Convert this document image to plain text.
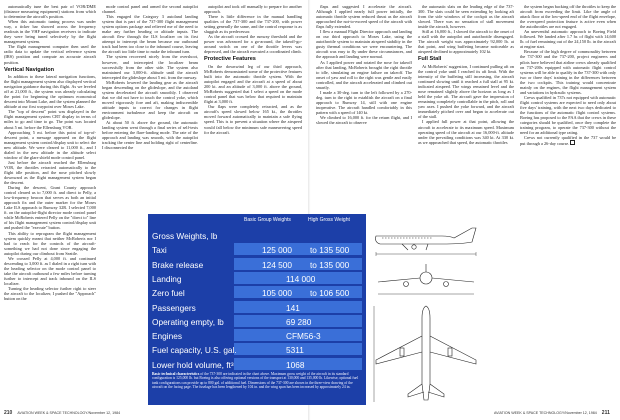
automatically tune the best pair of VOR/DME (distance measuring equipment) stations from which to determine the aircraft's position.

When this automatic tuning process was under way, a ticker bar showed across the frequency readouts in the VHF navigation receivers to indicate they were being tuned selectively by the flight management system.

The flight management computer then used the radio data to update the vertical reference system (IRS) position and compute an accurate aircraft position.

Vertical Navigation

In addition to these lateral navigation functions, the flight management system also displayed vertical navigation guidance during this flight. As we leveled off at 21,000 ft., the system was already calculating the point for beginning the optimum economical descent into Mount Lake, and the system planned the altitude at our first waypoint over Moses Lake.

The "top of descent" point was displayed in the flight management system CRT display in terms of miles to go and time to go. The point was located about 5 mi. before the Ellensburg VOR.

Approaching 5 mi. before this point of top-of-descent point, a message appeared on the flight management system control/display unit to select the new altitude. We were cleared to 11,000 ft., and I dialed in the new altitude in the altitude select window of the glare shield mode control panel.

Just before the aircraft reached the Ellensburg VOR, the throttles retracted automatically to the flight idle position, and the nose pitched slowly downward as the flight management system began the descent.

During the descent, Grant County approach control cleared us to 7,000 ft. and direct to Pelly, a low-frequency beacon that serves as both an initial approach fix and the outer marker for the Moses Lake ILS approach to Runway 32R. I selected 7,000 ft. on the autopilot-flight director mode control panel while McRoberts entered Pelly on the "direct to" line of his flight management system control/display unit and pushed the "execute" button.

This ability to reprogram the flight management system quickly meant that neither McRoberts nor I had to reach for the controls of the aircraft-something we had not done since engaging the autopilot during our climbout from Seattle.

We crossed Pelly at 4,000 ft. and continued descending to 3,000 ft. as I dialed in a right turn with the heading selector on the mode control panel to take the aircraft outbound a few miles before turning further to intercept and track inbound on the ILS localizer.

Turning the heading selector further right to steer the aircraft to the localizer, I pushed the "Approach" button on the

mode control panel and armed the second autopilot channel.

This engaged the Category 3 autoland landing system that is part of the 737-300 flight management system options package and relieved me of the need to make any further heading or altitude inputs. The aircraft flew through the ILS localizer on its first attempt to intercept the beam because our outbound track had been too close to the inbound course, leaving the aircraft too little time to make the inbound turn.

The system recovered nicely from the overshoot, however, and intercepted the localizer beam successfully from the other side. The system also maintained our 3,000-ft. altitude until the aircraft intercepted the glideslope about 5 mi. from the runway.

McRoberts lowered the landing gear as the aircraft began descending on the glideslope, and the autoland system decelerated the aircraft smoothly. I observed that we did not have to touch the control yoke, which moved vigorously fore and aft, making indiscernible attitude inputs to correct for changes in flight environment turbulence and keep the aircraft on glideslope.

At about 50 ft. above the ground, the automatic landing system went through a final series of self-tests before entering the flare-landing mode. The rate of the approach and landing was smooth, with the autopilot tracking the center line and holding right of centerline. I disconnected the

autopilot and took off manually to prepare for another approach.

There is little difference in the manual handling qualities of the 737-300 and the 737-200, with power setting generally the same, and the control response is as sluggish as its predecessor.

As the aircraft crossed the runway threshold and the power was advanced for a go-around, the takeoff-go-around switch on one of the throttle levers was depressed, and the aircraft executed a coordinated climb.

Protective Features

On the downwind leg of our third approach, McRoberts demonstrated some of the protective features built into the automatic throttle system. With the autopilot engaged and the aircraft at a speed of about 200 kt. and an altitude of 3,000 ft. above the ground, McRoberts suggested that I select a speed on the mode control panel that was below that required to maintain flight at 3,000 ft.

Our flaps were completely retracted, and as the aircraft's speed slowed below 165 kt., the throttles moved forward automatically to maintain a safe flying speed. This is to prevent a situation where the airspeed would fall below the minimum safe maneuvering speed for the aircraft.

flaps and suggested I accelerate the aircraft. Although I applied nearly full power initially, the automatic throttle system reduced thrust as the aircraft approached the not-to-exceed speed of the aircraft with flaps fully extended.

I flew a manual Flight Director approach and landing on our third approach to Moses Lake, using the autothrottle system to maintain airspeed stability in the gusty thermal conditions we were encountering. The aircraft was easy to fly under these circumstances, and the approach and landing were normal.

As I applied power and rotated the nose for takeoff after that landing, McRoberts brought the right throttle to idle, simulating an engine failure on takeoff. The onset of yaw and roll to the right was gentle and easily controlled, and the aircraft accelerated and climbed out smartly.

I made a 30-deg. turn to the left followed by a 270-deg. turn to the right to establish the aircraft on a final approach to Runway 14, still with one engine inoperative. The aircraft handled comfortably in this pattern with a speed of 140 kt.

We climbed to 16,000 ft. for the return flight, and I slowed the aircraft to observe

the automatic slats on the leading edge of the 737-300. The slats could be seen extending by looking aft from the side windows of the cockpit as the aircraft slowed. There was no sensation of stall movement inside the aircraft, however.

Still at 16,000 ft., I slowed the aircraft to the onset of a stall with the autopilot and autothrottle disengaged. The aircraft weight was approximately 92,000 lb. at that point, and wing buffeting became noticeable as airspeed declined to approximately 102 kt.

Full Stall

At McRoberts' suggestion, I continued pulling aft on the control yoke until I reached its aft limit. With the intensity of the buffeting still increasing, the aircraft continued slowing until it reached a full stall at 95 kt. indicated airspeed. The wings remained level and the nose remained slightly above the horizon as long as I held the yoke aft. The aircraft gave the impression of remaining completely controllable in the pitch, roll and yaw axes. I pushed the yoke forward, and the aircraft immediately pitched over and began to accelerate out of the stall.

I applied full power at that point, allowing the aircraft to accelerate to its maximum speed. Maximum operating speed of the aircraft at our 16,000-ft. altitude under the prevailing conditions was 340 kt. At 330 kt. as we approached that speed, the automatic throttles

the system began backing off the throttles to keep the aircraft from exceeding the limit. Like the angle of attack floor at the low-speed end of the flight envelope, the overspeed protection feature is active even when the autothrottles are not engaged.

An uneventful automatic approach to Boeing Field followed. We landed after 1.7 hr. of flight with 14,600 lb. of fuel remaining out of the 24,150 lb. in the aircraft at engine start.

Because of the high degree of commonality between the 737-300 and the 737-200, project engineers and pilots have believed that airline crews already qualified on 737-200s equipped with automatic flight control systems will be able to qualify in the 737-300 with only two or three days' training in the differences between the two cockpits. This training would concentrate mainly on the engines, the flight management system and variations in hydraulic systems.

Crews qualified in 737s not equipped with automatic flight control systems are expected to need only about five days' training, with the next two days dedicated to the functions of the automatic flight control systems. Boeing has proposed to the FAA that the crews in these categories should be qualified, once they complete the training program, to operate the 737-300 without the need for an additional type rating.

Crews not currently qualified in the 737 would be put through a 26-day course.

Basic Group Weights	High Gross Weight
Gross Weights, lb
Taxi	125 000 to 135 500
Brake release	124 500 to 135 000
Landing	114 000
Zero fuel	105 000 to 106 500
Passengers	141
Operating empty, lb	69 280
Engines	CFM56-3
Fuel capacity, U.S. gal.	5311
Lower hold volume, ft³	1068
Basic technical characteristics of the 737-300 are indicated in the chart above. Maximum gross weight of the aircraft in its standard configuration is 125,000 lb. but Boeing is also offering optional versions of the transport at 130,000 and 135,000 lb. Likewise, optional fuel tank configurations can provide up to 800 gal. of additional fuel. Dimensions of the 737-300 are shown in the three-view drawing of the aircraft on the facing page. The fuselage has been lengthened by 104 in. and the wing span has been increased by approximately 24 in.
210 AVIATION WEEK & SPACE TECHNOLOGY/November 12, 1984	AVIATION WEEK & SPACE TECHNOLOGY/November 12, 1984 211
